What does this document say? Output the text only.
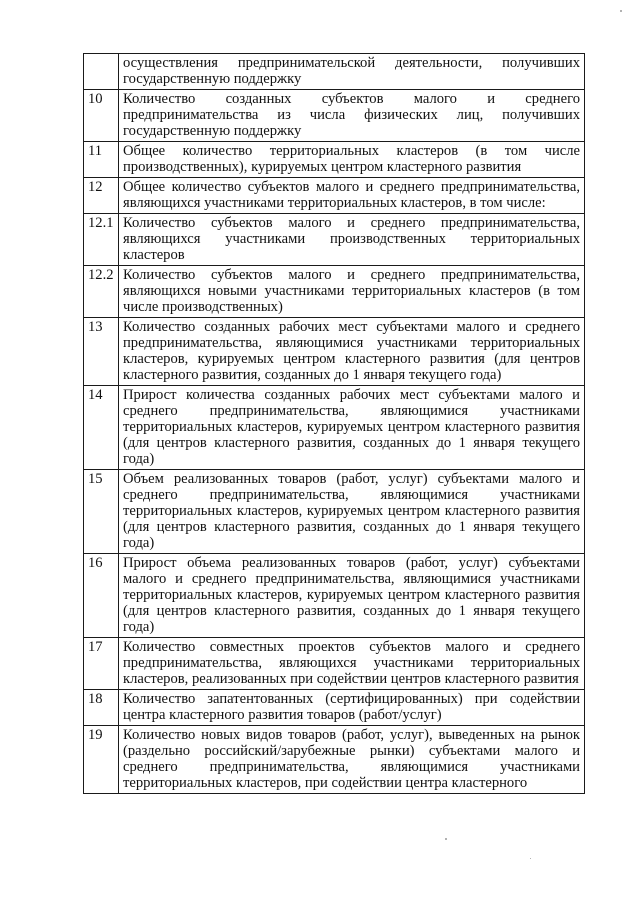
	осуществления предпринимательской деятельности, получивших государственную поддержку
10	Количество созданных субъектов малого и среднего предпринимательства из числа физических лиц, получивших государственную поддержку
11	Общее количество территориальных кластеров (в том числе производственных), курируемых центром кластерного развития
12	Общее количество субъектов малого и среднего предпринимательства, являющихся участниками территориальных кластеров, в том числе:
12.1	Количество субъектов малого и среднего предпринимательства, являющихся участниками производственных территориальных кластеров
12.2	Количество субъектов малого и среднего предпринимательства, являющихся новыми участниками территориальных кластеров (в том числе производственных)
13	Количество созданных рабочих мест субъектами малого и среднего предпринимательства, являющимися участниками территориальных кластеров, курируемых центром кластерного развития (для центров кластерного развития, созданных до 1 января текущего года)
14	Прирост количества созданных рабочих мест субъектами малого и среднего предпринимательства, являющимися участниками территориальных кластеров, курируемых центром кластерного развития (для центров кластерного развития, созданных до 1 января текущего года)
15	Объем реализованных товаров (работ, услуг) субъектами малого и среднего предпринимательства, являющимися участниками территориальных кластеров, курируемых центром кластерного развития (для центров кластерного развития, созданных до 1 января текущего года)
16	Прирост объема реализованных товаров (работ, услуг) субъектами малого и среднего предпринимательства, являющимися участниками территориальных кластеров, курируемых центром кластерного развития (для центров кластерного развития, созданных до 1 января текущего года)
17	Количество совместных проектов субъектов малого и среднего предпринимательства, являющихся участниками территориальных кластеров, реализованных при содействии центров кластерного развития
18	Количество запатентованных (сертифицированных) при содействии центра кластерного развития товаров (работ/услуг)
19	Количество новых видов товаров (работ, услуг), выведенных на рынок (раздельно российский/зарубежные рынки) субъектами малого и среднего предпринимательства, являющимися участниками территориальных кластеров, при содействии центра кластерного
